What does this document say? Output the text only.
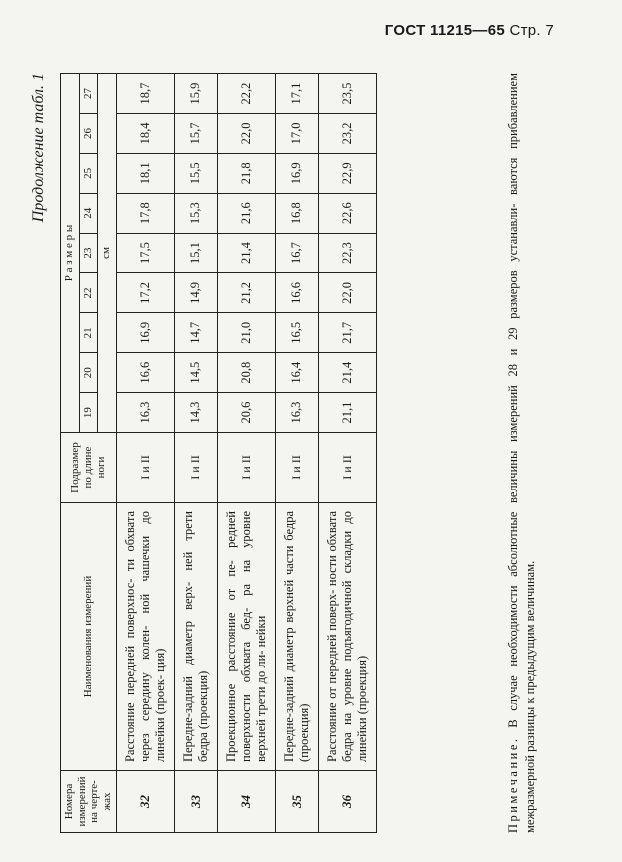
ГОСТ 11215—65 Стр. 7
Продолжение табл. 1
Номера измерений на черте- жах	Наименования измерений	Подразмер по длине ноги	Р а з м е р ы								
			19	20	21	22	23	24	25	26	27
			см								
32	Расстояние передней поверхнос- ти обхвата через середину колен- ной чашечки до линейки (проек- ция)	I и II	16,3	16,6	16,9	17,2	17,5	17,8	18,1	18,4	18,7
33	Передне-задний диаметр верх- ней трети бедра (проекция)	I и II	14,3	14,5	14,7	14,9	15,1	15,3	15,5	15,7	15,9
34	Проекционное расстояние от пе- редней поверхности обхвата бед- ра на уровне верхней трети до ли- нейки	I и II	20,6	20,8	21,0	21,2	21,4	21,6	21,8	22,0	22,2
35	Передне-задний диаметр верхней части бедра (проекция)	I и II	16,3	16,4	16,5	16,6	16,7	16,8	16,9	17,0	17,1
36	Расстояние от передней поверх- ности обхвата бедра на уровне подъягодичной складки до линейки (проекция)	I и II	21,1	21,4	21,7	22,0	22,3	22,6	22,9	23,2	23,5
Примечание. В случае необходимости абсолютные величины измерений 28 и 29 размеров устанавли- ваются прибавлением межразмерной разницы к предыдущим величинам.
